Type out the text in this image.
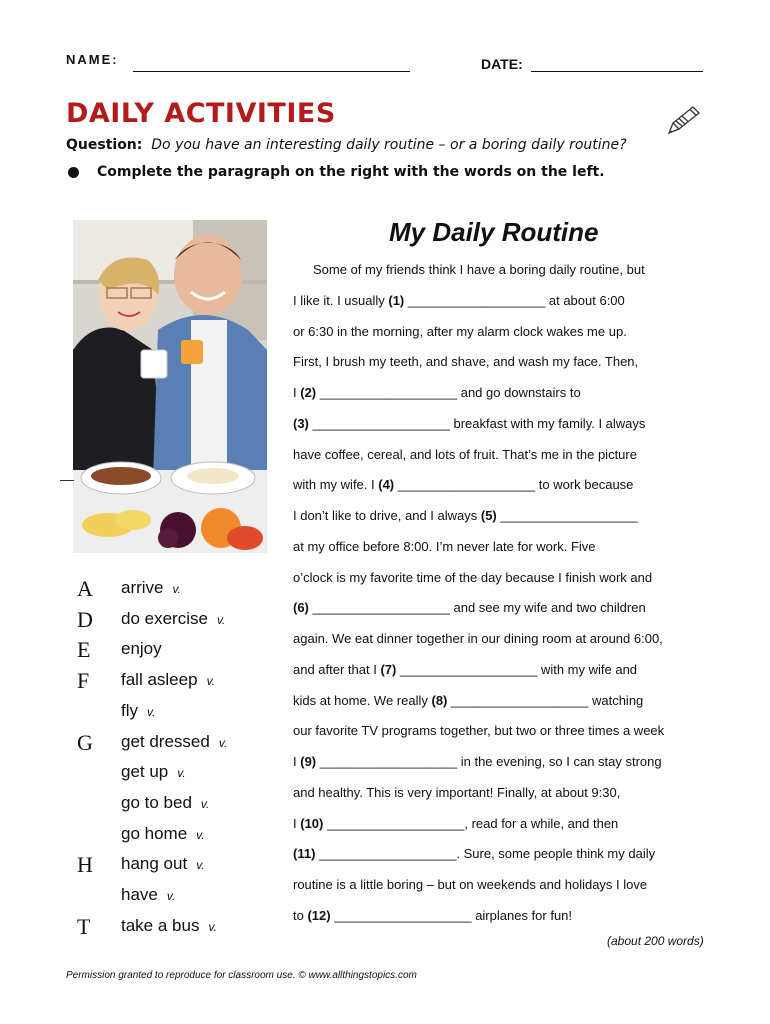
NAME:	DATE:
DAILY ACTIVITIES
Question: Do you have an interesting daily routine – or a boring daily routine?
Complete the paragraph on the right with the words on the left.
A arrive v.
D do exercise v.
E enjoy
F fall asleep v.
fly v.
G get dressed v.
get up v.
go to bed v.
go home v.
H hang out v.
have v.
T take a bus v.
My Daily Routine
Some of my friends think I have a boring daily routine, but
I like it. I usually (1) ___________________ at about 6:00
or 6:30 in the morning, after my alarm clock wakes me up.
First, I brush my teeth, and shave, and wash my face. Then,
I (2) ___________________ and go downstairs to
(3) ___________________ breakfast with my family. I always
have coffee, cereal, and lots of fruit. That’s me in the picture
with my wife. I (4) ___________________ to work because
I don’t like to drive, and I always (5) ___________________
at my office before 8:00. I’m never late for work. Five
o’clock is my favorite time of the day because I finish work and
(6) ___________________ and see my wife and two children
again. We eat dinner together in our dining room at around 6:00,
and after that I (7) ___________________ with my wife and
kids at home. We really (8) ___________________ watching
our favorite TV programs together, but two or three times a week
I (9) ___________________ in the evening, so I can stay strong
and healthy. This is very important! Finally, at about 9:30,
I (10) ___________________, read for a while, and then
(11) ___________________. Sure, some people think my daily
routine is a little boring – but on weekends and holidays I love
to (12) ___________________ airplanes for fun!
(about 200 words)
Permission granted to reproduce for classroom use. © www.allthingstopics.com
